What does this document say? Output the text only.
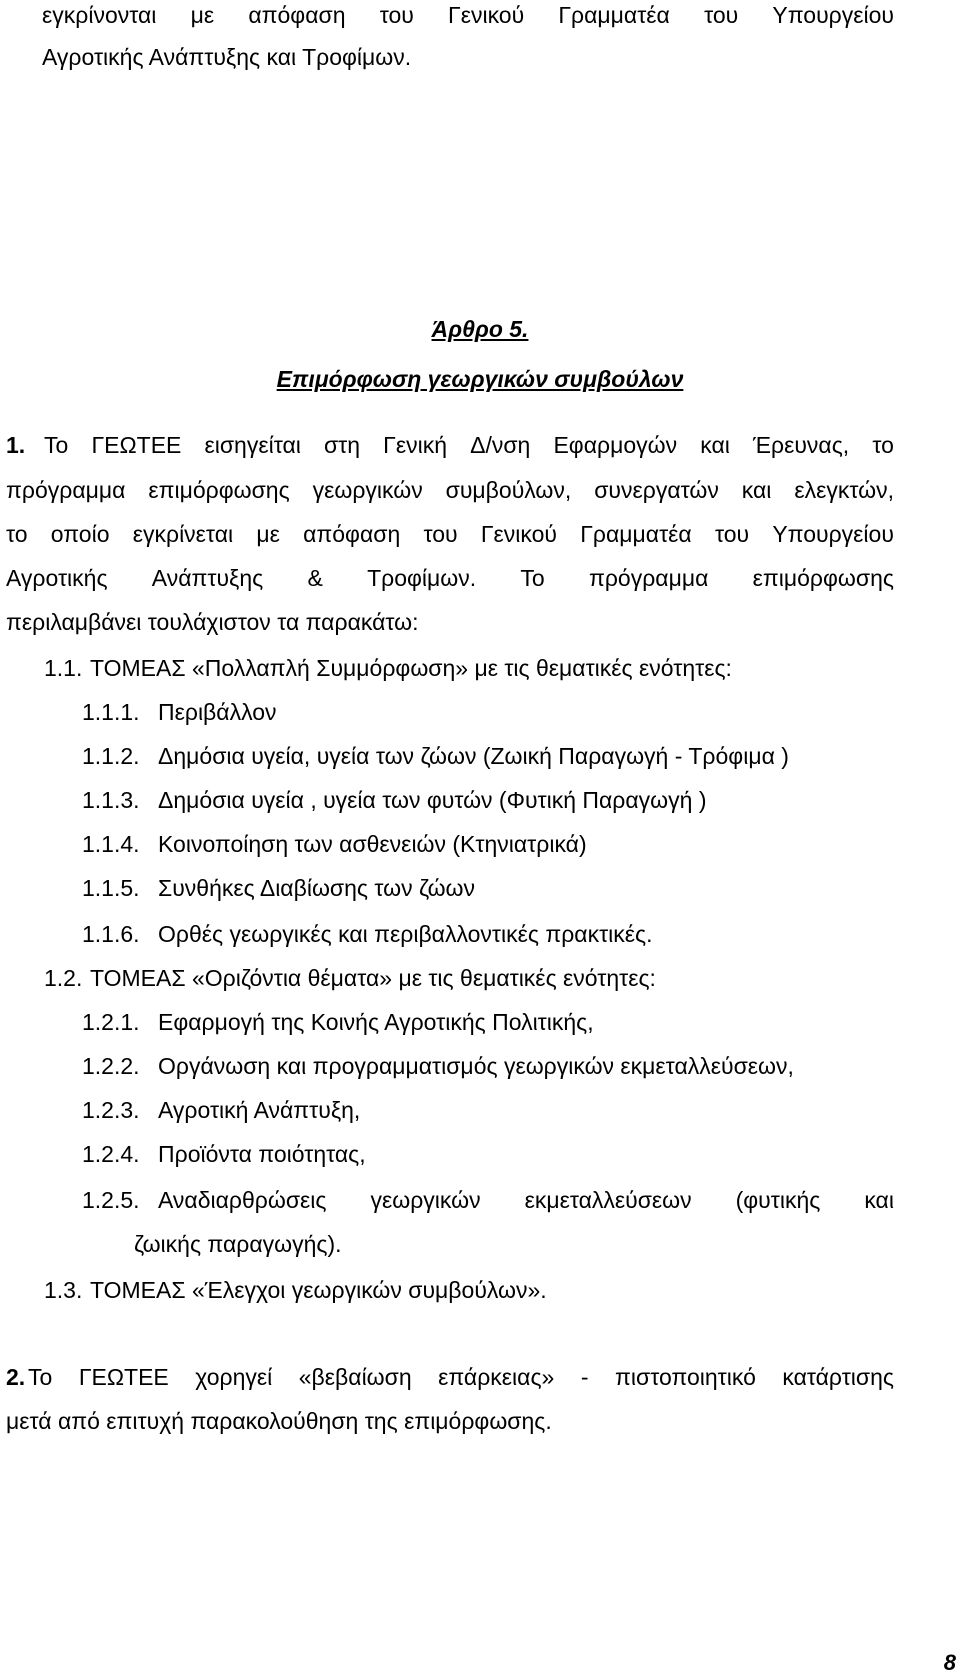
εγκρίνονται με απόφαση του Γενικού Γραμματέα του Υπουργείου
Αγροτικής Ανάπτυξης και Τροφίμων.
Άρθρο 5.
Επιμόρφωση γεωργικών συμβούλων
1. Το ΓΕΩΤΕΕ εισηγείται στη Γενική Δ/νση Εφαρμογών και Έρευνας, το
πρόγραμμα επιμόρφωσης γεωργικών συμβούλων, συνεργατών και ελεγκτών,
το οποίο εγκρίνεται με απόφαση του Γενικού Γραμματέα του Υπουργείου
Αγροτικής Ανάπτυξης & Τροφίμων. Το πρόγραμμα επιμόρφωσης
περιλαμβάνει τουλάχιστον τα παρακάτω:
1.1. ΤΟΜΕΑΣ «Πολλαπλή Συμμόρφωση» με τις θεματικές ενότητες:
1.1.1. Περιβάλλον
1.1.2. Δημόσια υγεία, υγεία των ζώων (Ζωική Παραγωγή - Τρόφιμα )
1.1.3. Δημόσια υγεία , υγεία των φυτών (Φυτική Παραγωγή )
1.1.4. Κοινοποίηση των ασθενειών (Κτηνιατρικά)
1.1.5. Συνθήκες Διαβίωσης των ζώων
1.1.6. Ορθές γεωργικές και περιβαλλοντικές πρακτικές.
1.2. ΤΟΜΕΑΣ «Οριζόντια θέματα» με τις θεματικές ενότητες:
1.2.1. Εφαρμογή της Κοινής Αγροτικής Πολιτικής,
1.2.2. Οργάνωση και προγραμματισμός γεωργικών εκμεταλλεύσεων,
1.2.3. Αγροτική Ανάπτυξη,
1.2.4. Προϊόντα ποιότητας,
1.2.5. Αναδιαρθρώσεις γεωργικών εκμεταλλεύσεων (φυτικής και
ζωικής παραγωγής).
1.3. ΤΟΜΕΑΣ «Έλεγχοι γεωργικών συμβούλων».
2. Το ΓΕΩΤΕΕ χορηγεί «βεβαίωση επάρκειας» - πιστοποιητικό κατάρτισης
μετά από επιτυχή παρακολούθηση της επιμόρφωσης.
8
